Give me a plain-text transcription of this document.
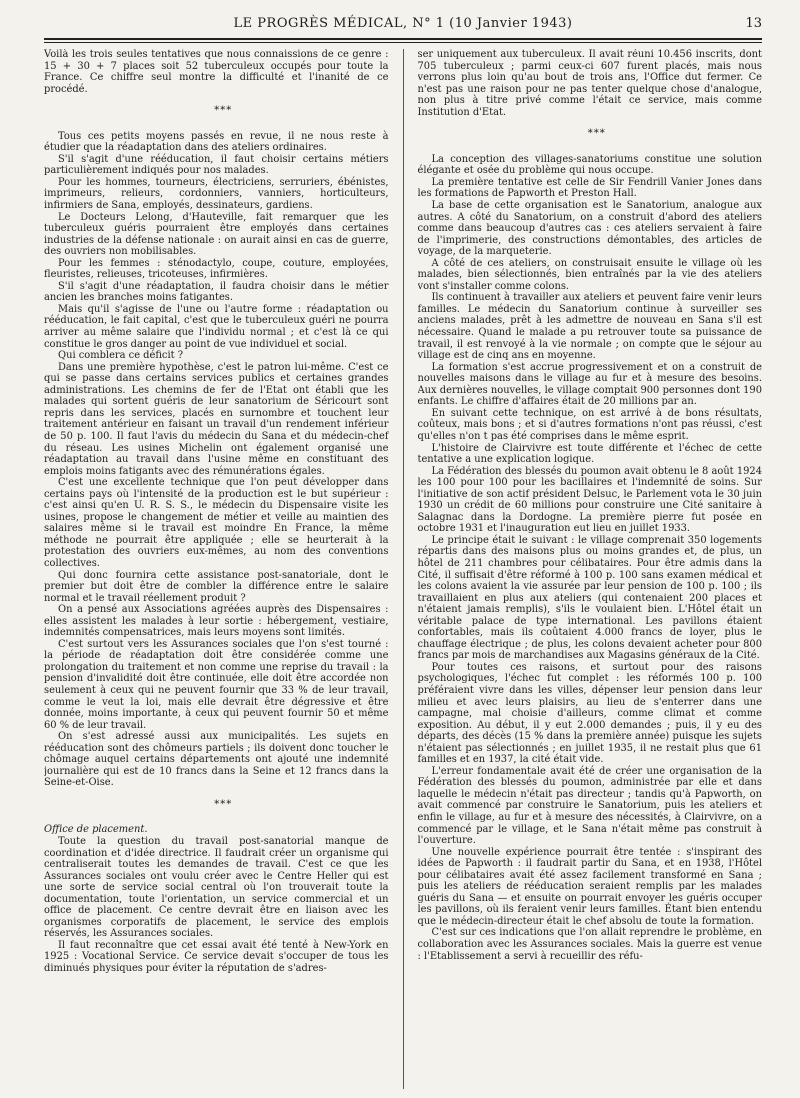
LE PROGRÈS MÉDICAL, N° 1 (10 Janvier 1943)	13

Voilà les trois seules tentatives que nous connaissions de ce genre : 15 + 30 + 7 places soit 52 tuberculeux occupés pour toute la France. Ce chiffre seul montre la difficulté et l'inanité de ce procédé.

***

Tous ces petits moyens passés en revue, il ne nous reste à étudier que la réadaptation dans des ateliers ordinaires.

S'il s'agit d'une rééducation, il faut choisir certains métiers particulièrement indiqués pour nos malades.

Pour les hommes, tourneurs, électriciens, serruriers, ébénistes, imprimeurs, relieurs, cordonniers, vanniers, horticulteurs, infirmiers de Sana, employés, dessinateurs, gardiens.

Le Docteurs Lelong, d'Hauteville, fait remarquer que les tuberculeux guéris pourraient être employés dans certaines industries de la défense nationale : on aurait ainsi en cas de guerre, des ouvriers non mobilisables.

Pour les femmes : sténodactylo, coupe, couture, employées, fleuristes, relieuses, tricoteuses, infirmières.

S'il s'agit d'une réadaptation, il faudra choisir dans le métier ancien les branches moins fatigantes.

Mais qu'il s'agisse de l'une ou l'autre forme : réadaptation ou rééducation, le fait capital, c'est que le tuberculeux guéri ne pourra arriver au même salaire que l'individu normal ; et c'est là ce qui constitue le gros danger au point de vue individuel et social.

Qui comblera ce déficit ?

Dans une première hypothèse, c'est le patron lui-même. C'est ce qui se passe dans certains services publics et certaines grandes administrations. Les chemins de fer de l'Etat ont établi que les malades qui sortent guéris de leur sanatorium de Séricourt sont repris dans les services, placés en surnombre et touchent leur traitement antérieur en faisant un travail d'un rendement inférieur de 50 p. 100. Il faut l'avis du médecin du Sana et du médecin-chef du réseau. Les usines Michelin ont également organisé une réadaptation au travail dans l'usine même en constituant des emplois moins fatigants avec des rémunérations égales.

C'est une excellente technique que l'on peut développer dans certains pays où l'intensité de la production est le but supérieur : c'est ainsi qu'en U. R. S. S., le médecin du Dispensaire visite les usines, propose le changement de métier et veille au maintien des salaires même si le travail est moindre En France, la même méthode ne pourrait être appliquée ; elle se heurterait à la protestation des ouvriers eux-mêmes, au nom des conventions collectives.

Qui donc fournira cette assistance post-sanatoriale, dont le premier but doit être de combler la différence entre le salaire normal et le travail réellement produit ?

On a pensé aux Associations agréées auprès des Dispensaires : elles assistent les malades à leur sortie : hébergement, vestiaire, indemnités compensatrices, mais leurs moyens sont limités.

C'est surtout vers les Assurances sociales que l'on s'est tourné : la période de réadaptation doit être considérée comme une prolongation du traitement et non comme une reprise du travail : la pension d'invalidité doit être continuée, elle doit être accordée non seulement à ceux qui ne peuvent fournir que 33 % de leur travail, comme le veut la loi, mais elle devrait être dégressive et être donnée, moins importante, à ceux qui peuvent fournir 50 et même 60 % de leur travail.

On s'est adressé aussi aux municipalités. Les sujets en rééducation sont des chômeurs partiels ; ils doivent donc toucher le chômage auquel certains départements ont ajouté une indemnité journalière qui est de 10 francs dans la Seine et 12 francs dans la Seine-et-Oise.

***

Office de placement.

Toute la question du travail post-sanatorial manque de coordination et d'idée directrice. Il faudrait créer un organisme qui centraliserait toutes les demandes de travail. C'est ce que les Assurances sociales ont voulu créer avec le Centre Heller qui est une sorte de service social central où l'on trouverait toute la documentation, toute l'orientation, un service commercial et un office de placement. Ce centre devrait être en liaison avec les organismes corporatifs de placement, le service des emplois réservés, les Assurances sociales.

Il faut reconnaître que cet essai avait été tenté à New-York en 1925 : Vocational Service. Ce service devait s'occuper de tous les diminués physiques pour éviter la réputation de s'adres-

ser uniquement aux tuberculeux. Il avait réuni 10.456 inscrits, dont 705 tuberculeux ; parmi ceux-ci 607 furent placés, mais nous verrons plus loin qu'au bout de trois ans, l'Office dut fermer. Ce n'est pas une raison pour ne pas tenter quelque chose d'analogue, non plus à titre privé comme l'était ce service, mais comme Institution d'Etat.

***

La conception des villages-sanatoriums constitue une solution élégante et osée du problème qui nous occupe.

La première tentative est celle de Sir Fendrill Vanier Jones dans les formations de Papworth et Preston Hall.

La base de cette organisation est le Sanatorium, analogue aux autres. A côté du Sanatorium, on a construit d'abord des ateliers comme dans beaucoup d'autres cas : ces ateliers servaient à faire de l'imprimerie, des constructions démontables, des articles de voyage, de la marqueterie.

A côté de ces ateliers, on construisait ensuite le village où les malades, bien sélectionnés, bien entraînés par la vie des ateliers vont s'installer comme colons.

Ils continuent à travailler aux ateliers et peuvent faire venir leurs familles. Le médecin du Sanatorium continue à surveiller ses anciens malades, prêt à les admettre de nouveau en Sana s'il est nécessaire. Quand le malade a pu retrouver toute sa puissance de travail, il est renvoyé à la vie normale ; on compte que le séjour au village est de cinq ans en moyenne.

La formation s'est accrue progressivement et on a construit de nouvelles maisons dans le village au fur et à mesure des besoins. Aux dernières nouvelles, le village comptait 900 personnes dont 190 enfants. Le chiffre d'affaires était de 20 millions par an.

En suivant cette technique, on est arrivé à de bons résultats, coûteux, mais bons ; et si d'autres formations n'ont pas réussi, c'est qu'elles n'on t pas été comprises dans le même esprit.

L'histoire de Clairvivre est toute différente et l'échec de cette tentative a une explication logique.

La Fédération des blessés du poumon avait obtenu le 8 août 1924 les 100 pour 100 pour les bacillaires et l'indemnité de soins. Sur l'initiative de son actif président Delsuc, le Parlement vota le 30 juin 1930 un crédit de 60 millions pour construire une Cité sanitaire à Salagnac dans la Dordogne. La première pierre fut posée en octobre 1931 et l'inauguration eut lieu en juillet 1933.

Le principe était le suivant : le village comprenait 350 logements répartis dans des maisons plus ou moins grandes et, de plus, un hôtel de 211 chambres pour célibataires. Pour être admis dans la Cité, il suffisait d'être réformé à 100 p. 100 sans examen médical et les colons avaient la vie assurée par leur pension de 100 p. 100 ; ils travaillaient en plus aux ateliers (qui contenaient 200 places et n'étaient jamais remplis), s'ils le voulaient bien. L'Hôtel était un véritable palace de type international. Les pavillons étaient confortables, mais ils coûtaient 4.000 francs de loyer, plus le chauffage électrique ; de plus, les colons devaient acheter pour 800 francs par mois de marchandises aux Magasins généraux de la Cité.

Pour toutes ces raisons, et surtout pour des raisons psychologiques, l'échec fut complet : les réformés 100 p. 100 préféraient vivre dans les villes, dépenser leur pension dans leur milieu et avec leurs plaisirs, au lieu de s'enterrer dans une campagne, mal choisie d'ailleurs, comme climat et comme exposition. Au début, il y eut 2.000 demandes ; puis, il y eu des départs, des décès (15 % dans la première année) puisque les sujets n'étaient pas sélectionnés ; en juillet 1935, il ne restait plus que 61 familles et en 1937, la cité était vide.

L'erreur fondamentale avait été de créer une organisation de la Fédération des blessés du poumon, administrée par elle et dans laquelle le médecin n'était pas directeur ; tandis qu'à Papworth, on avait commencé par construire le Sanatorium, puis les ateliers et enfin le village, au fur et à mesure des nécessités, à Clairvivre, on a commencé par le village, et le Sana n'était même pas construit à l'ouverture.

Une nouvelle expérience pourrait être tentée : s'inspirant des idées de Papworth : il faudrait partir du Sana, et en 1938, l'Hôtel pour célibataires avait été assez facilement transformé en Sana ; puis les ateliers de rééducation seraient remplis par les malades guéris du Sana — et ensuite on pourrait envoyer les guéris occuper les pavillons, où ils feraient venir leurs familles. Étant bien entendu que le médecin-directeur était le chef absolu de toute la formation.

C'est sur ces indications que l'on allait reprendre le problème, en collaboration avec les Assurances sociales. Mais la guerre est venue : l'Etablissement a servi à recueillir des réfu-
